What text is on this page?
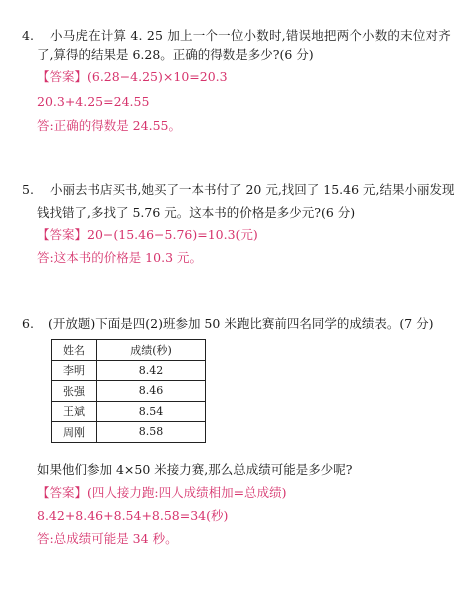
4. 小马虎在计算 4. 25 加上一个一位小数时,错误地把两个小数的末位对齐
了,算得的结果是 6.28。正确的得数是多少?(6 分)
【答案】(6.28−4.25)×10=20.3
20.3+4.25=24.55
答:正确的得数是 24.55。
5. 小丽去书店买书,她买了一本书付了 20 元,找回了 15.46 元,结果小丽发现
钱找错了,多找了 5.76 元。这本书的价格是多少元?(6 分)
【答案】20−(15.46−5.76)=10.3(元)
答:这本书的价格是 10.3 元。
6. (开放题)下面是四(2)班参加 50 米跑比赛前四名同学的成绩表。(7 分)
姓名	成绩(秒)
李明	8.42
张强	8.46
王斌	8.54
周刚	8.58
如果他们参加 4×50 米接力赛,那么总成绩可能是多少呢?
【答案】(四人接力跑:四人成绩相加=总成绩)
8.42+8.46+8.54+8.58=34(秒)
答:总成绩可能是 34 秒。
